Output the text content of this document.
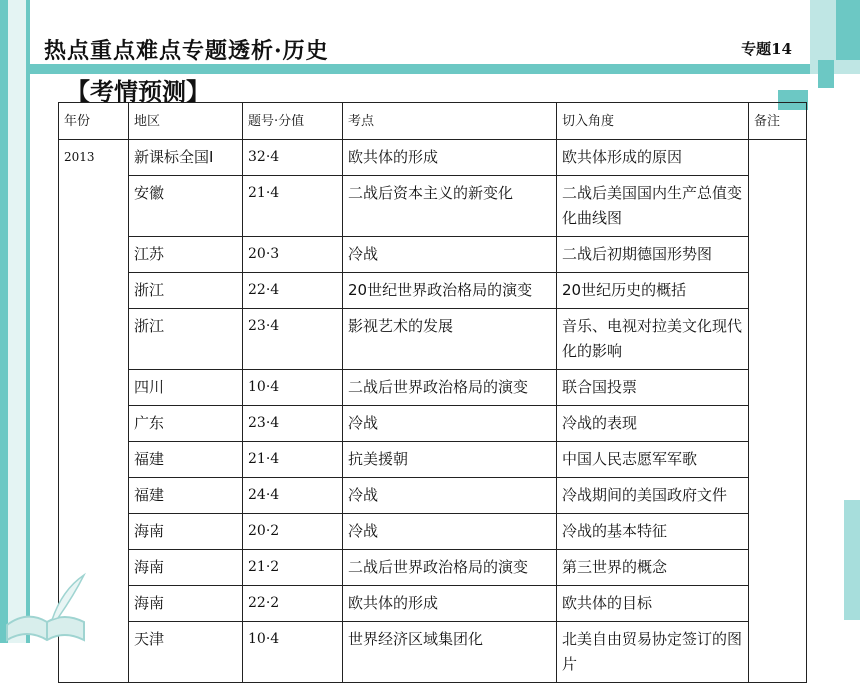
热点重点难点专题透析·历史	专题14
【考情预测】
年份	地区	题号·分值	考点	切入角度	备注
2013	新课标全国Ⅰ	32·4	欧共体的形成	欧共体形成的原因	
	安徽	21·4	二战后资本主义的新变化	二战后美国国内生产总值变化曲线图	
	江苏	20·3	冷战	二战后初期德国形势图	
	浙江	22·4	20世纪世界政治格局的演变	20世纪历史的概括	
	浙江	23·4	影视艺术的发展	音乐、电视对拉美文化现代化的影响	
	四川	10·4	二战后世界政治格局的演变	联合国投票	
	广东	23·4	冷战	冷战的表现	
	福建	21·4	抗美援朝	中国人民志愿军军歌	
	福建	24·4	冷战	冷战期间的美国政府文件	
	海南	20·2	冷战	冷战的基本特征	
	海南	21·2	二战后世界政治格局的演变	第三世界的概念	
	海南	22·2	欧共体的形成	欧共体的目标	
	天津	10·4	世界经济区域集团化	北美自由贸易协定签订的图片	
